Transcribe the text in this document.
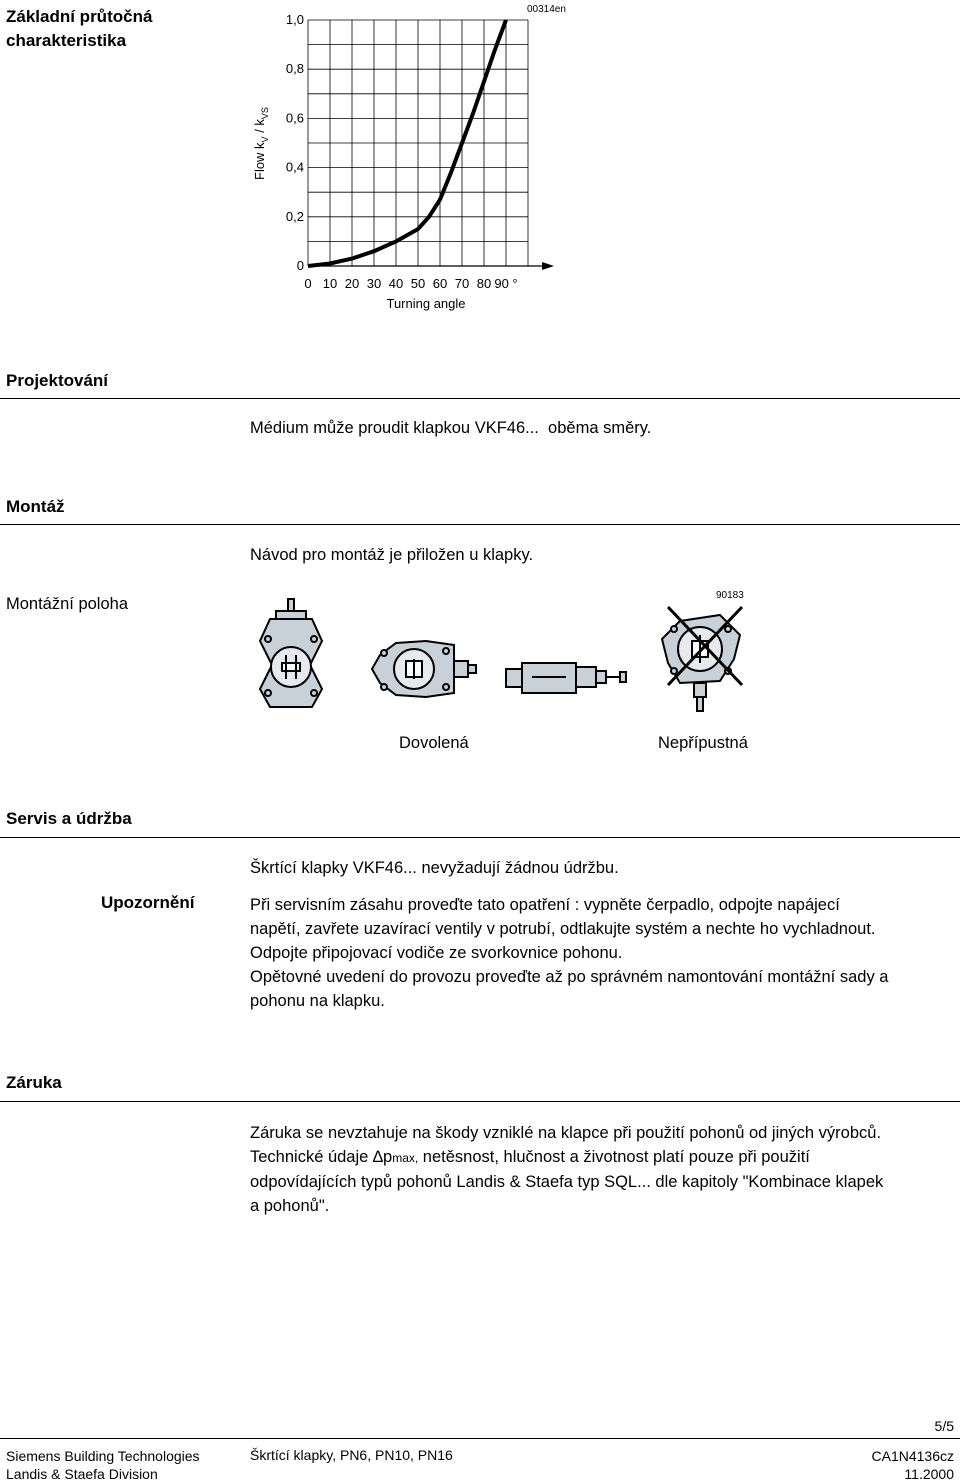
Základní průtočná
charakteristika
0
0,2
0,4
0,6
0,8
1,0
0 10 20 30 40 50 60 70 80 90 °
00314en
Turning angle
Flow $k_V / k_{VS}$
Projektování
Médium může proudit klapkou VKF46...  oběma směry.
Montáž
Návod pro montáž je přiložen u klapky.
Montážní poloha	90183
Dovolená	Nepřípustná
Servis a údržba
Škrtící klapky VKF46... nevyžadují žádnou údržbu.
Upozornění	Při servisním zásahu proveďte tato opatření : vypněte čerpadlo, odpojte napájecí
napětí, zavřete uzavírací ventily v potrubí, odtlakujte systém a nechte ho vychladnout.
Odpojte připojovací vodiče ze svorkovnice pohonu.
Opětovné uvedení do provozu proveďte až po správném namontování montážní sady a
pohonu na klapku.
Záruka
Záruka se nevztahuje na škody vzniklé na klapce při použití pohonů od jiných výrobců.
Technické údaje ∆pmax, netěsnost, hlučnost a životnost platí pouze při použití
odpovídajících typů pohonů Landis & Staefa typ SQL... dle kapitoly "Kombinace klapek
a pohonů".
5/5
Siemens Building Technologies
Landis & Staefa Division
Škrtící klapky, PN6, PN10, PN16	CA1N4136cz
11.2000
